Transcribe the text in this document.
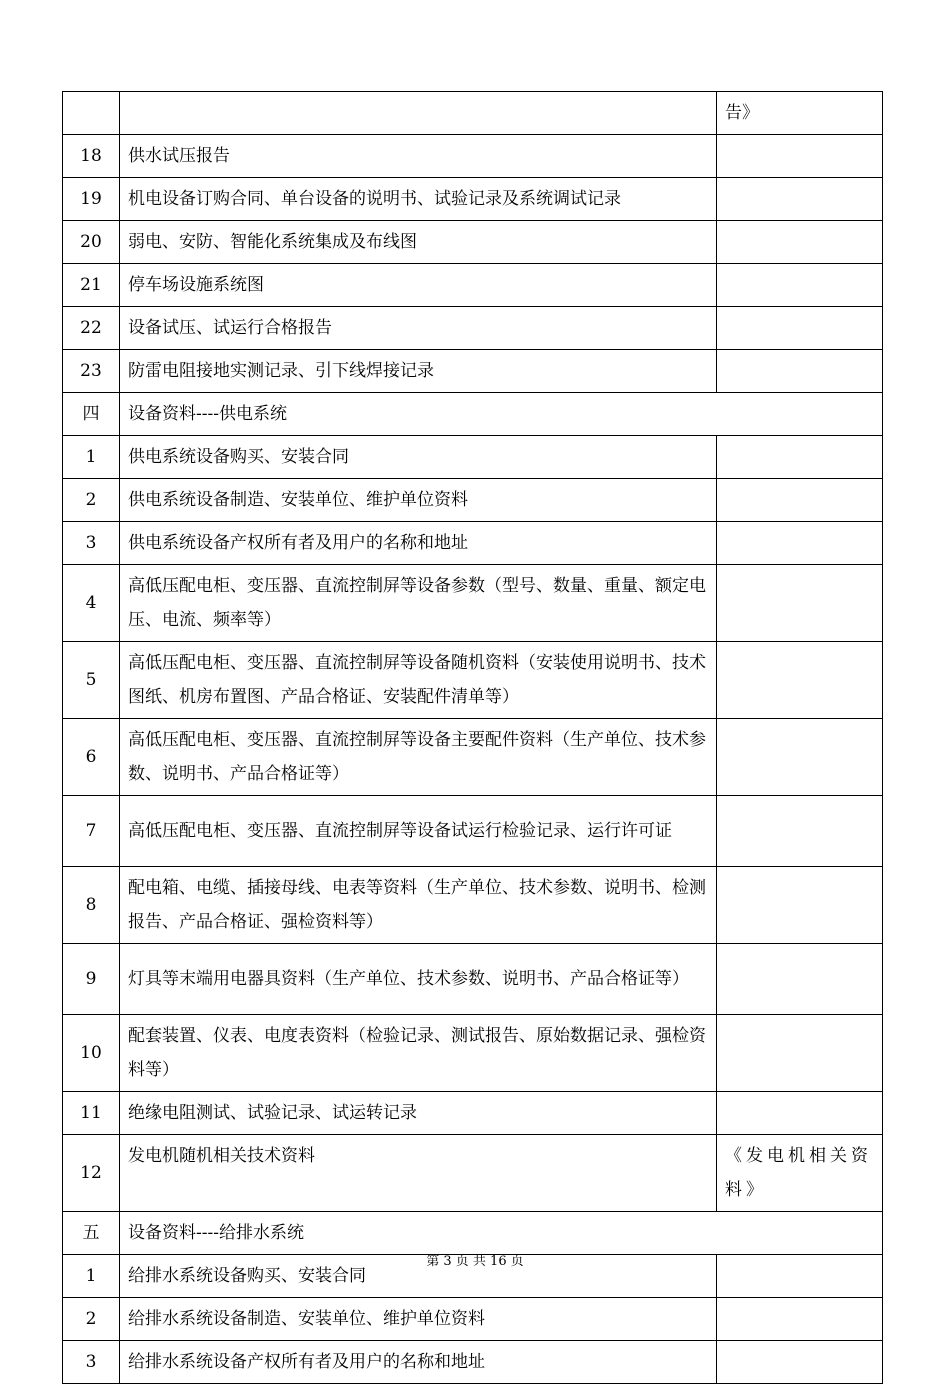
		告》
18	供水试压报告	
19	机电设备订购合同、单台设备的说明书、试验记录及系统调试记录	
20	弱电、安防、智能化系统集成及布线图	
21	停车场设施系统图	
22	设备试压、试运行合格报告	
23	防雷电阻接地实测记录、引下线焊接记录	
四	设备资料----供电系统	
1	供电系统设备购买、安装合同	
2	供电系统设备制造、安装单位、维护单位资料	
3	供电系统设备产权所有者及用户的名称和地址	
4	高低压配电柜、变压器、直流控制屏等设备参数（型号、数量、重量、额定电压、电流、频率等）	
5	高低压配电柜、变压器、直流控制屏等设备随机资料（安装使用说明书、技术图纸、机房布置图、产品合格证、安装配件清单等）	
6	高低压配电柜、变压器、直流控制屏等设备主要配件资料（生产单位、技术参数、说明书、产品合格证等）	
7	高低压配电柜、变压器、直流控制屏等设备试运行检验记录、运行许可证	
8	配电箱、电缆、插接母线、电表等资料（生产单位、技术参数、说明书、检测报告、产品合格证、强检资料等）	
9	灯具等末端用电器具资料（生产单位、技术参数、说明书、产品合格证等）	
10	配套装置、仪表、电度表资料（检验记录、测试报告、原始数据记录、强检资料等）	
11	绝缘电阻测试、试验记录、试运转记录	
12	发电机随机相关技术资料	《发电机相关资料》
五	设备资料----给排水系统	
1	给排水系统设备购买、安装合同	
2	给排水系统设备制造、安装单位、维护单位资料	
3	给排水系统设备产权所有者及用户的名称和地址	
第 3 页 共 16 页
